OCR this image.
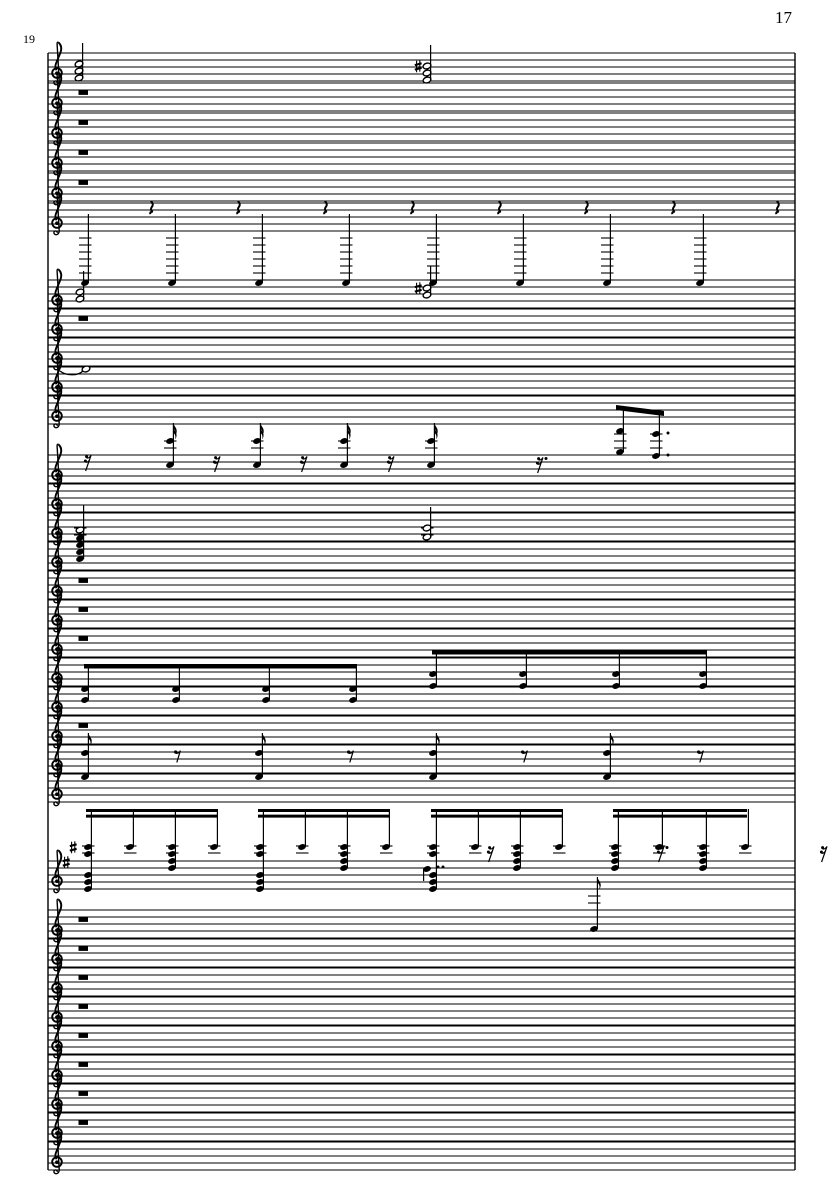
17
19
